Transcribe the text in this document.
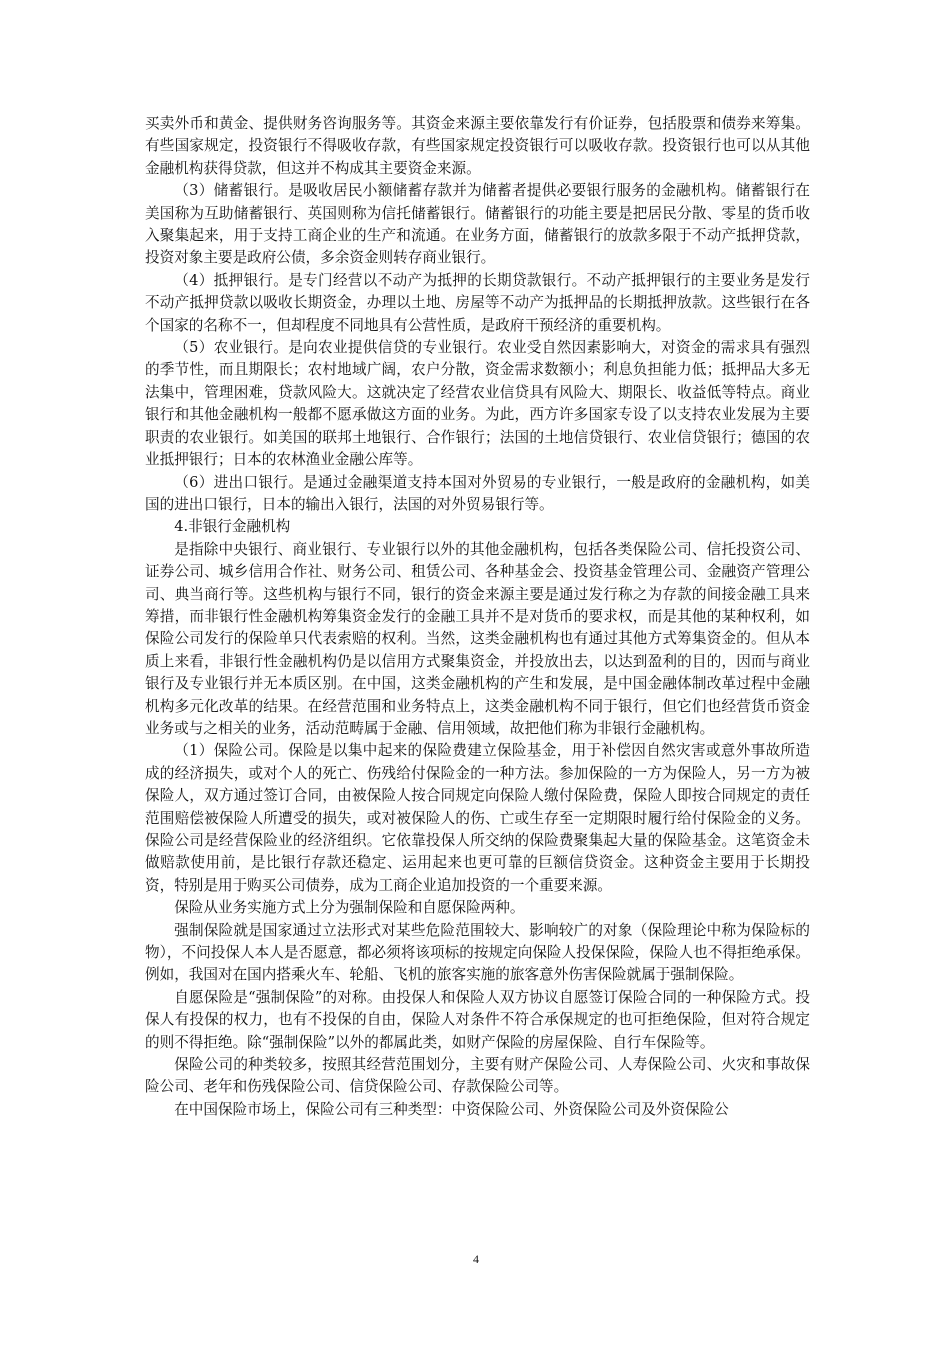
买卖外币和黄金、提供财务咨询服务等。其资金来源主要依靠发行有价证券，包括股票和债券来筹集。有些国家规定，投资银行不得吸收存款，有些国家规定投资银行可以吸收存款。投资银行也可以从其他金融机构获得贷款，但这并不构成其主要资金来源。

（3）储蓄银行。是吸收居民小额储蓄存款并为储蓄者提供必要银行服务的金融机构。储蓄银行在美国称为互助储蓄银行、英国则称为信托储蓄银行。储蓄银行的功能主要是把居民分散、零星的货币收入聚集起来，用于支持工商企业的生产和流通。在业务方面，储蓄银行的放款多限于不动产抵押贷款，投资对象主要是政府公债，多余资金则转存商业银行。

（4）抵押银行。是专门经营以不动产为抵押的长期贷款银行。不动产抵押银行的主要业务是发行不动产抵押贷款以吸收长期资金，办理以土地、房屋等不动产为抵押品的长期抵押放款。这些银行在各个国家的名称不一，但却程度不同地具有公营性质，是政府干预经济的重要机构。

（5）农业银行。是向农业提供信贷的专业银行。农业受自然因素影响大，对资金的需求具有强烈的季节性，而且期限长；农村地域广阔，农户分散，资金需求数额小；利息负担能力低；抵押品大多无法集中，管理困难，贷款风险大。这就决定了经营农业信贷具有风险大、期限长、收益低等特点。商业银行和其他金融机构一般都不愿承做这方面的业务。为此，西方许多国家专设了以支持农业发展为主要职责的农业银行。如美国的联邦土地银行、合作银行；法国的土地信贷银行、农业信贷银行；德国的农业抵押银行；日本的农林渔业金融公库等。

（6）进出口银行。是通过金融渠道支持本国对外贸易的专业银行，一般是政府的金融机构，如美国的进出口银行，日本的输出入银行，法国的对外贸易银行等。

4.非银行金融机构

是指除中央银行、商业银行、专业银行以外的其他金融机构，包括各类保险公司、信托投资公司、证券公司、城乡信用合作社、财务公司、租赁公司、各种基金会、投资基金管理公司、金融资产管理公司、典当商行等。这些机构与银行不同，银行的资金来源主要是通过发行称之为存款的间接金融工具来筹措，而非银行性金融机构筹集资金发行的金融工具并不是对货币的要求权，而是其他的某种权利，如保险公司发行的保险单只代表索赔的权利。当然，这类金融机构也有通过其他方式筹集资金的。但从本质上来看，非银行性金融机构仍是以信用方式聚集资金，并投放出去，以达到盈利的目的，因而与商业银行及专业银行并无本质区别。在中国，这类金融机构的产生和发展，是中国金融体制改革过程中金融机构多元化改革的结果。在经营范围和业务特点上，这类金融机构不同于银行，但它们也经营货币资金业务或与之相关的业务，活动范畴属于金融、信用领域，故把他们称为非银行金融机构。

（1）保险公司。保险是以集中起来的保险费建立保险基金，用于补偿因自然灾害或意外事故所造成的经济损失，或对个人的死亡、伤残给付保险金的一种方法。参加保险的一方为保险人，另一方为被保险人，双方通过签订合同，由被保险人按合同规定向保险人缴付保险费，保险人即按合同规定的责任范围赔偿被保险人所遭受的损失，或对被保险人的伤、亡或生存至一定期限时履行给付保险金的义务。保险公司是经营保险业的经济组织。它依靠投保人所交纳的保险费聚集起大量的保险基金。这笔资金未做赔款使用前，是比银行存款还稳定、运用起来也更可靠的巨额信贷资金。这种资金主要用于长期投资，特别是用于购买公司债券，成为工商企业追加投资的一个重要来源。

保险从业务实施方式上分为强制保险和自愿保险两种。

强制保险就是国家通过立法形式对某些危险范围较大、影响较广的对象（保险理论中称为保险标的物），不问投保人本人是否愿意，都必须将该项标的按规定向保险人投保保险，保险人也不得拒绝承保。例如，我国对在国内搭乘火车、轮船、飞机的旅客实施的旅客意外伤害保险就属于强制保险。

自愿保险是“强制保险”的对称。由投保人和保险人双方协议自愿签订保险合同的一种保险方式。投保人有投保的权力，也有不投保的自由，保险人对条件不符合承保规定的也可拒绝保险，但对符合规定的则不得拒绝。除“强制保险”以外的都属此类，如财产保险的房屋保险、自行车保险等。

保险公司的种类较多，按照其经营范围划分，主要有财产保险公司、人寿保险公司、火灾和事故保险公司、老年和伤残保险公司、信贷保险公司、存款保险公司等。

在中国保险市场上，保险公司有三种类型：中资保险公司、外资保险公司及外资保险公

4
